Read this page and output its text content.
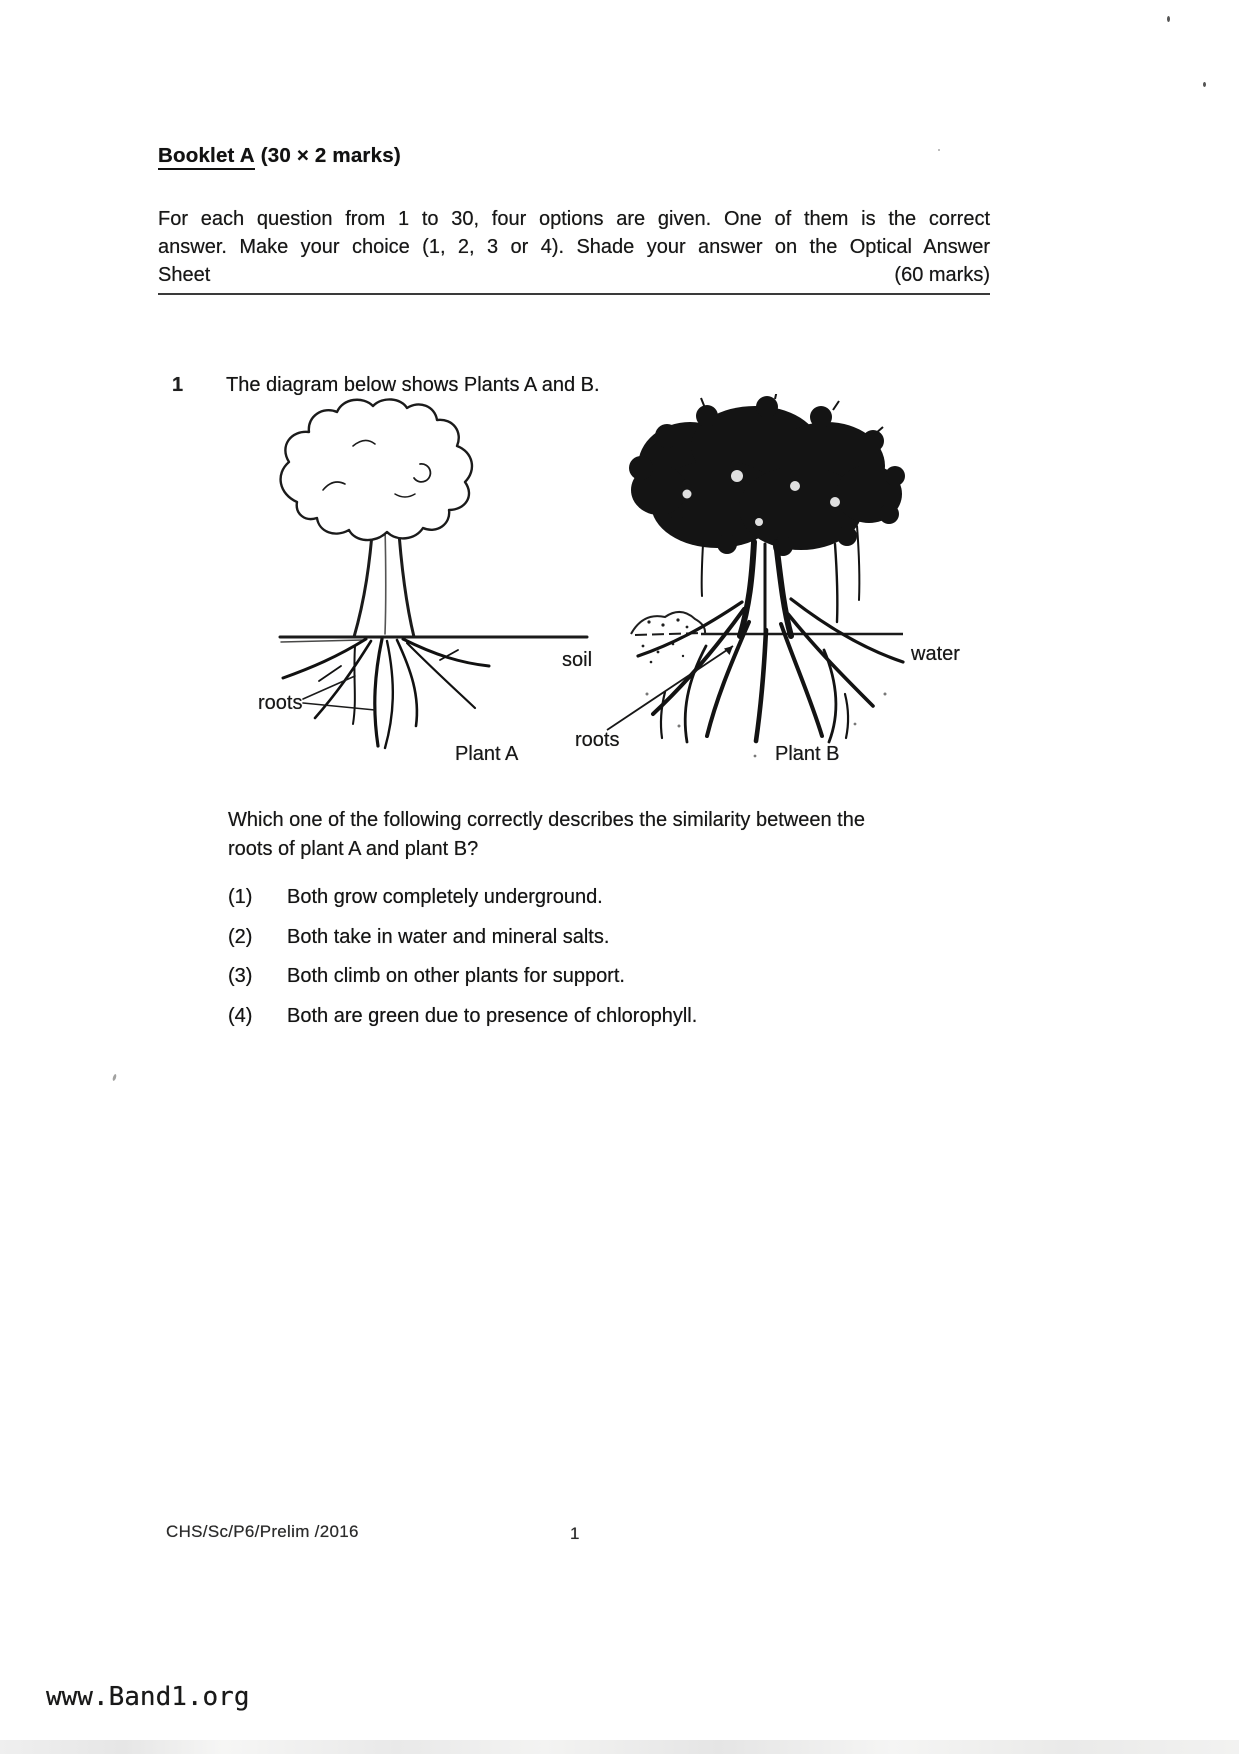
Booklet A (30 × 2 marks)
For each question from 1 to 30, four options are given. One of them is the correct
answer. Make your choice (1, 2, 3 or 4). Shade your answer on the Optical Answer
Sheet	(60 marks)
1 The diagram below shows Plants A and B.
soil	water
roots
roots
Plant A	Plant B
Which one of the following correctly describes the similarity between the
roots of plant A and plant B?
(1)	Both grow completely underground.
(2)	Both take in water and mineral salts.
(3)	Both climb on other plants for support.
(4)	Both are green due to presence of chlorophyll.
CHS/Sc/P6/Prelim /2016	1
www.Band1.org
